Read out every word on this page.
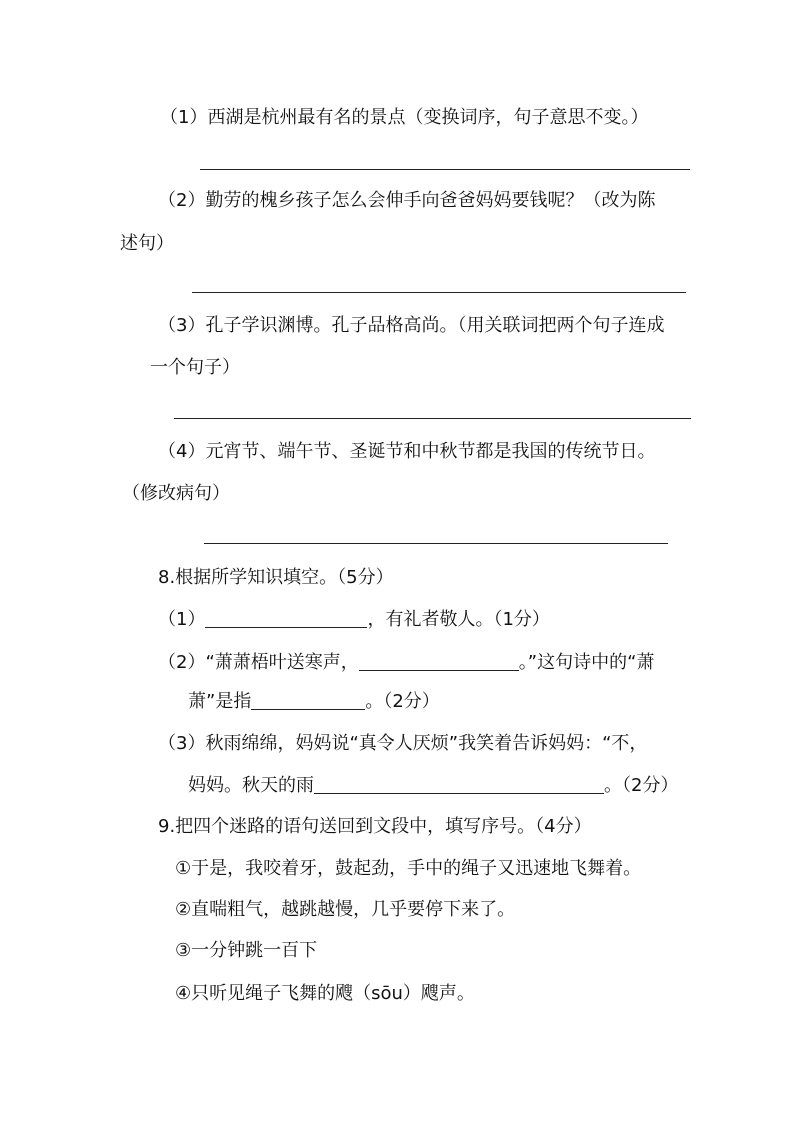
（1）西湖是杭州最有名的景点（变换词序，句子意思不变。）
（2）勤劳的槐乡孩子怎么会伸手向爸爸妈妈要钱呢？（改为陈
述句）
（3）孔子学识渊博。孔子品格高尚。（用关联词把两个句子连成
一个句子）
（4）元宵节、端午节、圣诞节和中秋节都是我国的传统节日。
（修改病句）
8.根据所学知识填空。（5分）
（1）	，有礼者敬人。（1分）
（2）“萧萧梧叶送寒声，	。”这句诗中的“萧
萧”是指	。（2分）
（3）秋雨绵绵，妈妈说“真令人厌烦”我笑着告诉妈妈：“不，
妈妈。秋天的雨	。（2分）
9.把四个迷路的语句送回到文段中，填写序号。（4分）
①于是，我咬着牙，鼓起劲，手中的绳子又迅速地飞舞着。
②直喘粗气，越跳越慢，几乎要停下来了。
③一分钟跳一百下
④只听见绳子飞舞的飕（sōu）飕声。
